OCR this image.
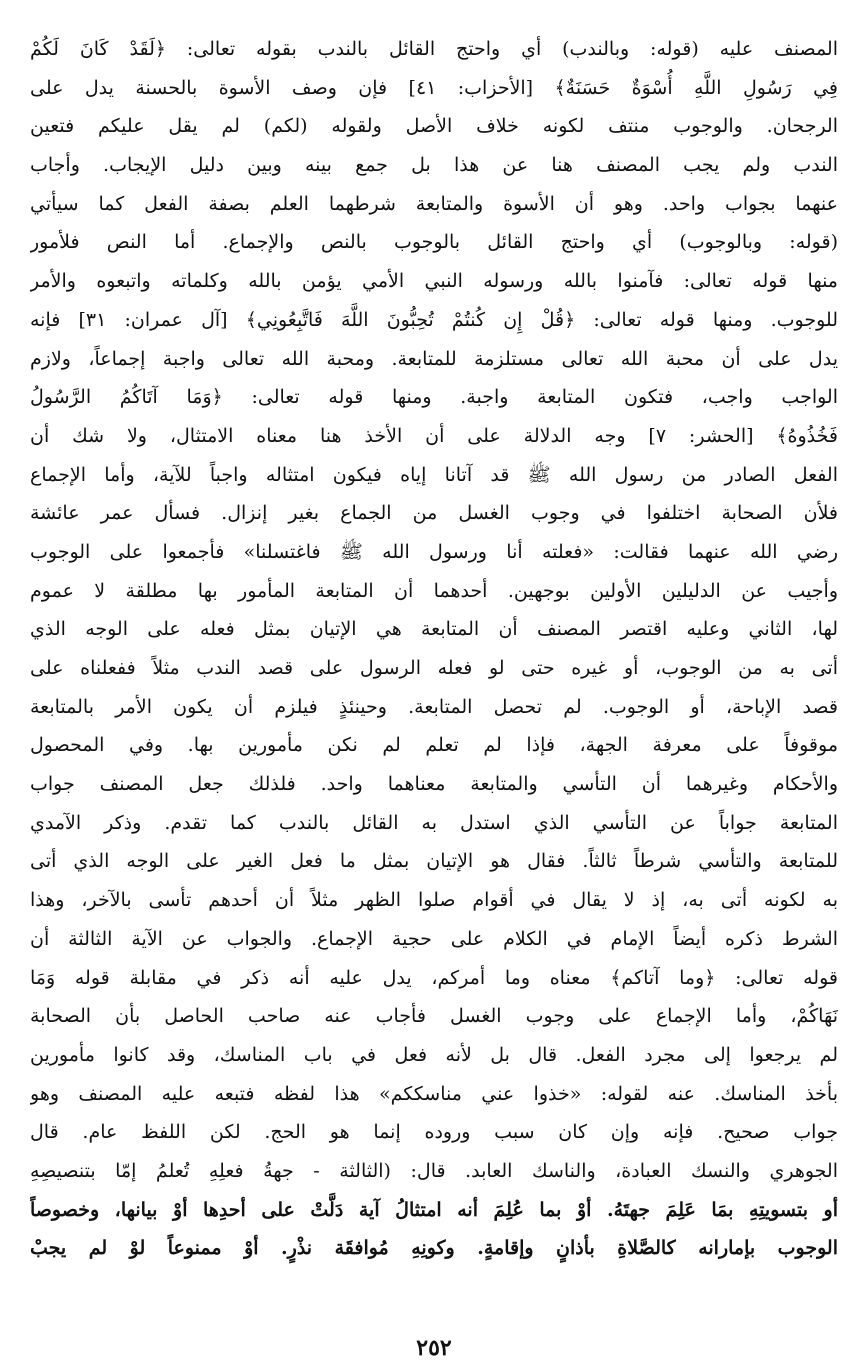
المصنف عليه (قوله: وبالندب) أي واحتج القائل بالندب بقوله تعالى: ﴿لَقَدْ كَانَ لَكُمْ
فِي رَسُولِ اللَّهِ أُسْوَةٌ حَسَنَةٌ﴾ [الأحزاب: ٤١] فإن وصف الأسوة بالحسنة يدل على
الرجحان. والوجوب منتف لكونه خلاف الأصل ولقوله (لكم) لم يقل عليكم فتعين
الندب ولم يجب المصنف هنا عن هذا بل جمع بينه وبين دليل الإيجاب. وأجاب
عنهما بجواب واحد. وهو أن الأسوة والمتابعة شرطهما العلم بصفة الفعل كما سيأتي
(قوله: وبالوجوب) أي واحتج القائل بالوجوب بالنص والإجماع. أما النص فلأمور
منها قوله تعالى: فآمنوا بالله ورسوله النبي الأمي يؤمن بالله وكلماته واتبعوه والأمر
للوجوب. ومنها قوله تعالى: ﴿قُلْ إِن كُنتُمْ تُحِبُّونَ اللَّهَ فَاتَّبِعُونِي﴾ [آل عمران: ٣١] فإنه
يدل على أن محبة الله تعالى مستلزمة للمتابعة. ومحبة الله تعالى واجبة إجماعاً، ولازم
الواجب واجب، فتكون المتابعة واجبة. ومنها قوله تعالى: ﴿وَمَا آتَاكُمُ الرَّسُولُ
فَخُذُوهُ﴾ [الحشر: ٧] وجه الدلالة على أن الأخذ هنا معناه الامتثال، ولا شك أن
الفعل الصادر من رسول الله ﷺ قد آتانا إياه فيكون امتثاله واجباً للآية، وأما الإجماع
فلأن الصحابة اختلفوا في وجوب الغسل من الجماع بغير إنزال. فسأل عمر عائشة
رضي الله عنهما فقالت: «فعلته أنا ورسول الله ﷺ فاغتسلنا» فأجمعوا على الوجوب
وأجيب عن الدليلين الأولين بوجهين. أحدهما أن المتابعة المأمور بها مطلقة لا عموم
لها، الثاني وعليه اقتصر المصنف أن المتابعة هي الإتيان بمثل فعله على الوجه الذي
أتى به من الوجوب، أو غيره حتى لو فعله الرسول على قصد الندب مثلاً ففعلناه على
قصد الإباحة، أو الوجوب. لم تحصل المتابعة. وحينئذٍ فيلزم أن يكون الأمر بالمتابعة
موقوفاً على معرفة الجهة، فإذا لم تعلم لم نكن مأمورين بها. وفي المحصول
والأحكام وغيرهما أن التأسي والمتابعة معناهما واحد. فلذلك جعل المصنف جواب
المتابعة جواباً عن التأسي الذي استدل به القائل بالندب كما تقدم. وذكر الآمدي
للمتابعة والتأسي شرطاً ثالثاً. فقال هو الإتيان بمثل ما فعل الغير على الوجه الذي أتى
به لكونه أتى به، إذ لا يقال في أقوام صلوا الظهر مثلاً أن أحدهم تأسى بالآخر، وهذا
الشرط ذكره أيضاً الإمام في الكلام على حجية الإجماع. والجواب عن الآية الثالثة أن
قوله تعالى: ﴿وما آتاكم﴾ معناه وما أمركم، يدل عليه أنه ذكر في مقابلة قوله وَمَا
نَهَاكُمْ، وأما الإجماع على وجوب الغسل فأجاب عنه صاحب الحاصل بأن الصحابة
لم يرجعوا إلى مجرد الفعل. قال بل لأنه فعل في باب المناسك، وقد كانوا مأمورين
بأخذ المناسك. عنه لقوله: «خذوا عني مناسككم» هذا لفظه فتبعه عليه المصنف وهو
جواب صحيح. فإنه وإن كان سبب وروده إنما هو الحج. لكن اللفظ عام. قال
الجوهري والنسك العبادة، والناسك العابد. قال: (الثالثة - جهةُ فعلِهِ تُعلمُ إمّا بتنصيصِهِ
أو بتسويتِهِ بمَا عَلِمَ جهتَهُ. أوْ بما عُلِمَ أنه امتثالُ آية دَلَّتْ على أحدِها أوْ بيانها، وخصوصاً
الوجوب بإمارانه كالصَّلاةِ بأذانٍ وإقامةٍ. وكونِهِ مُوافقَة نذْرٍ. أوْ ممنوعاً لوْ لم يجبْ
٢٥٢
